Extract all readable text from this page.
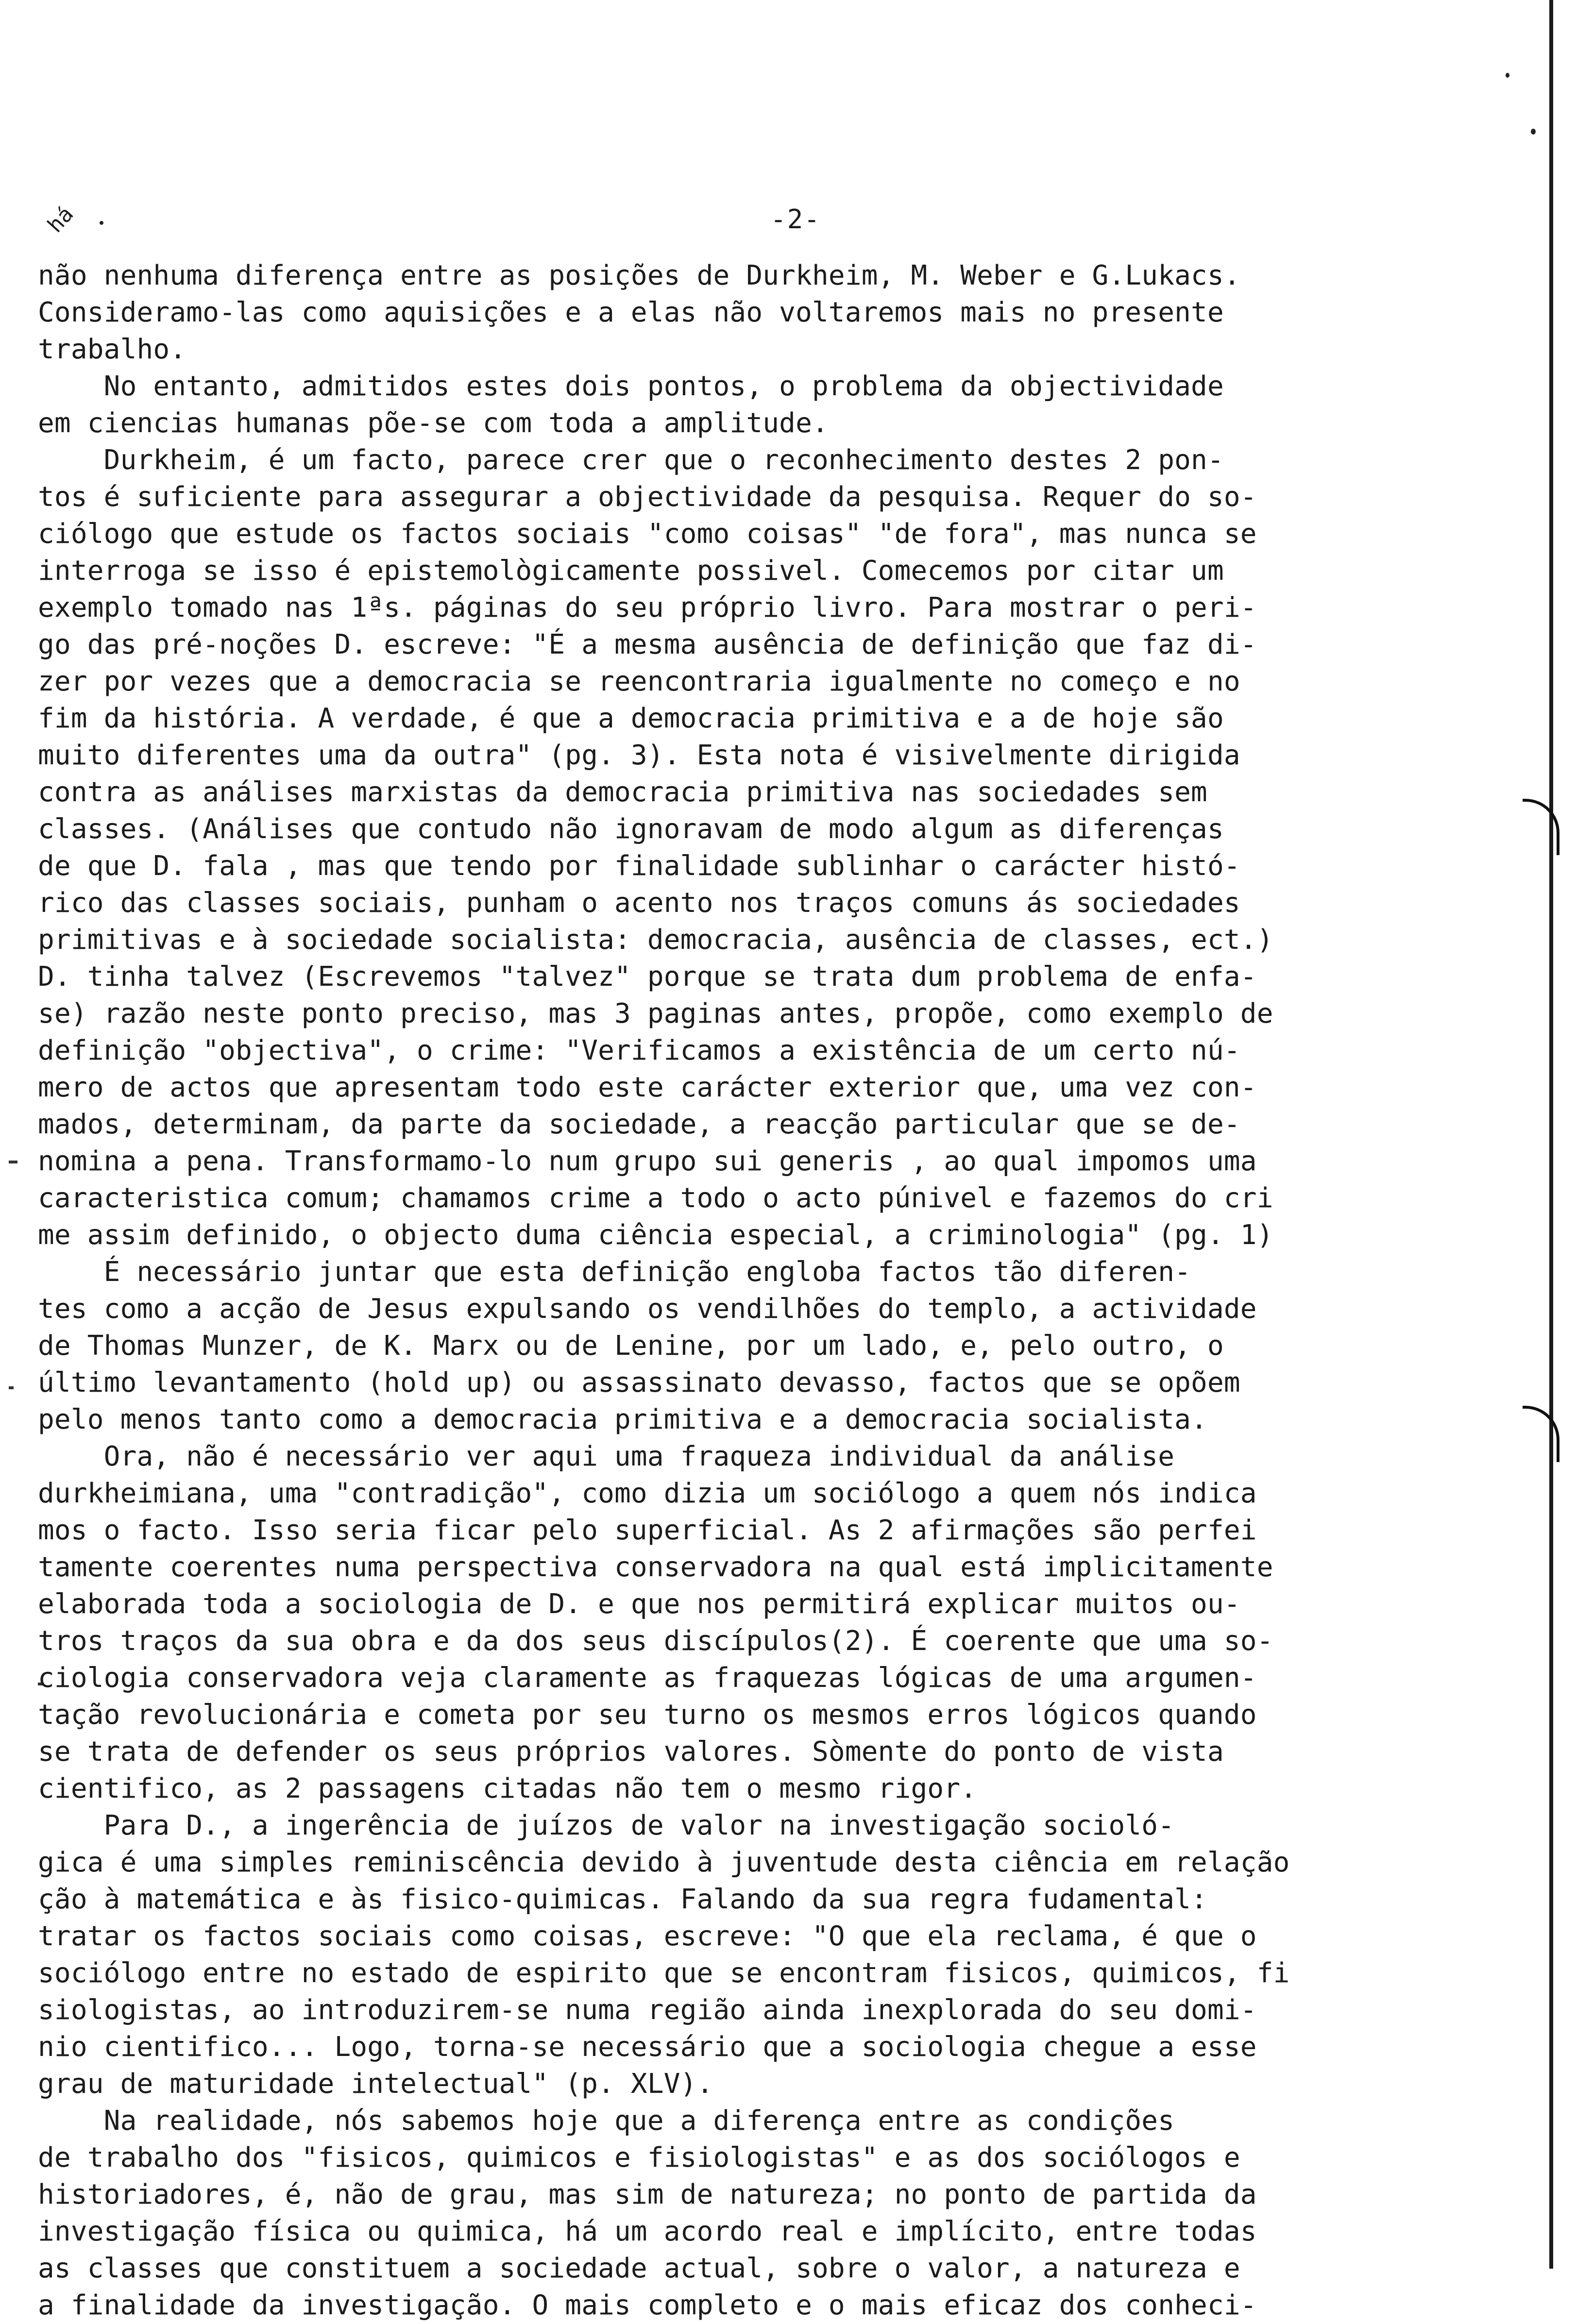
-2-
há
não nenhuma diferença entre as posições de Durkheim, M. Weber e G.Lukacs.
Consideramo-las como aquisições e a elas não voltaremos mais no presente
trabalho.
No entanto, admitidos estes dois pontos, o problema da objectividade
em ciencias humanas põe-se com toda a amplitude.
Durkheim, é um facto, parece crer que o reconhecimento destes 2 pon-
tos é suficiente para assegurar a objectividade da pesquisa. Requer do so-
ciólogo que estude os factos sociais "como coisas" "de fora", mas nunca se
interroga se isso é epistemològicamente possivel. Comecemos por citar um
exemplo tomado nas 1ªs. páginas do seu próprio livro. Para mostrar o peri-
go das pré-noções D. escreve: "É a mesma ausência de definição que faz di-
zer por vezes que a democracia se reencontraria igualmente no começo e no
fim da história. A verdade, é que a democracia primitiva e a de hoje são
muito diferentes uma da outra" (pg. 3). Esta nota é visivelmente dirigida
contra as análises marxistas da democracia primitiva nas sociedades sem
classes. (Análises que contudo não ignoravam de modo algum as diferenças
de que D. fala , mas que tendo por finalidade sublinhar o carácter histó-
rico das classes sociais, punham o acento nos traços comuns ás sociedades
primitivas e à sociedade socialista: democracia, ausência de classes, ect.)
D. tinha talvez (Escrevemos "talvez" porque se trata dum problema de enfa-
se) razão neste ponto preciso, mas 3 paginas antes, propõe, como exemplo de
definição "objectiva", o crime: "Verificamos a existência de um certo nú-
mero de actos que apresentam todo este carácter exterior que, uma vez con-
mados, determinam, da parte da sociedade, a reacção particular que se de-
nomina a pena. Transformamo-lo num grupo sui generis , ao qual impomos uma
caracteristica comum; chamamos crime a todo o acto púnivel e fazemos do cri
me assim definido, o objecto duma ciência especial, a criminologia" (pg. 1)
É necessário juntar que esta definição engloba factos tão diferen-
tes como a acção de Jesus expulsando os vendilhões do templo, a actividade
de Thomas Munzer, de K. Marx ou de Lenine, por um lado, e, pelo outro, o
último levantamento (hold up) ou assassinato devasso, factos que se opõem
pelo menos tanto como a democracia primitiva e a democracia socialista.
Ora, não é necessário ver aqui uma fraqueza individual da análise
durkheimiana, uma "contradição", como dizia um sociólogo a quem nós indica
mos o facto. Isso seria ficar pelo superficial. As 2 afirmações são perfei
tamente coerentes numa perspectiva conservadora na qual está implicitamente
elaborada toda a sociologia de D. e que nos permitirá explicar muitos ou-
tros traços da sua obra e da dos seus discípulos(2). É coerente que uma so-
ciologia conservadora veja claramente as fraquezas lógicas de uma argumen-
tação revolucionária e cometa por seu turno os mesmos erros lógicos quando
se trata de defender os seus próprios valores. Sòmente do ponto de vista
cientifico, as 2 passagens citadas não tem o mesmo rigor.
Para D., a ingerência de juízos de valor na investigação socioló-
gica é uma simples reminiscência devido à juventude desta ciência em relação
ção à matemática e às fisico-quimicas. Falando da sua regra fudamental:
tratar os factos sociais como coisas, escreve: "O que ela reclama, é que o
sociólogo entre no estado de espirito que se encontram fisicos, quimicos, fi
siologistas, ao introduzirem-se numa região ainda inexplorada do seu domi-
nio cientifico... Logo, torna-se necessário que a sociologia chegue a esse
grau de maturidade intelectual" (p. XLV).
Na realidade, nós sabemos hoje que a diferença entre as condições
de trabalho dos "fisicos, quimicos e fisiologistas" e as dos sociólogos e
historiadores, é, não de grau, mas sim de natureza; no ponto de partida da
investigação física ou quimica, há um acordo real e implícito, entre todas
as classes que constituem a sociedade actual, sobre o valor, a natureza e
a finalidade da investigação. O mais completo e o mais eficaz dos conheci-
